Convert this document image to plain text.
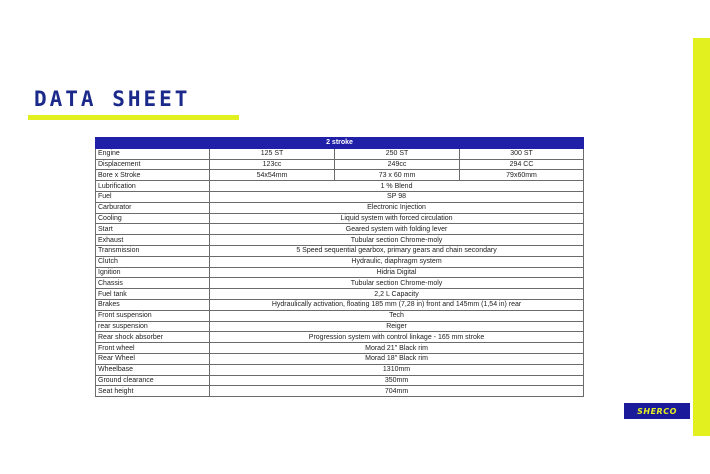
DATA SHEET
2 stroke			
Engine	125 ST	250 ST	300 ST
Displacement	123cc	249cc	294 CC
Bore x Stroke	54x54mm	73 x 60 mm	79x60mm
Lubrification	1 % Blend		
Fuel	SP 98		
Carburator	Electronic Injection		
Cooling	Liquid system with forced circulation		
Start	Geared system with folding lever		
Exhaust	Tubular section Chrome-moly		
Transmission	5 Speed sequential gearbox, primary gears and chain secondary		
Clutch	Hydraulic, diaphragm system		
Ignition	Hidria Digital		
Chassis	Tubular section Chrome-moly		
Fuel tank	2,2 L Capacity		
Brakes	Hydraulically activation, floating 185 mm (7,28 in) front and 145mm (1,54 in) rear		
Front suspension	Tech		
rear suspension	Reiger		
Rear shock absorber	Progression system with control linkage - 165 mm stroke		
Front wheel	Morad 21" Black rim		
Rear Wheel	Morad 18" Black rim		
Wheelbase	1310mm		
Ground clearance	350mm		
Seat height	704mm		
SHERCO
